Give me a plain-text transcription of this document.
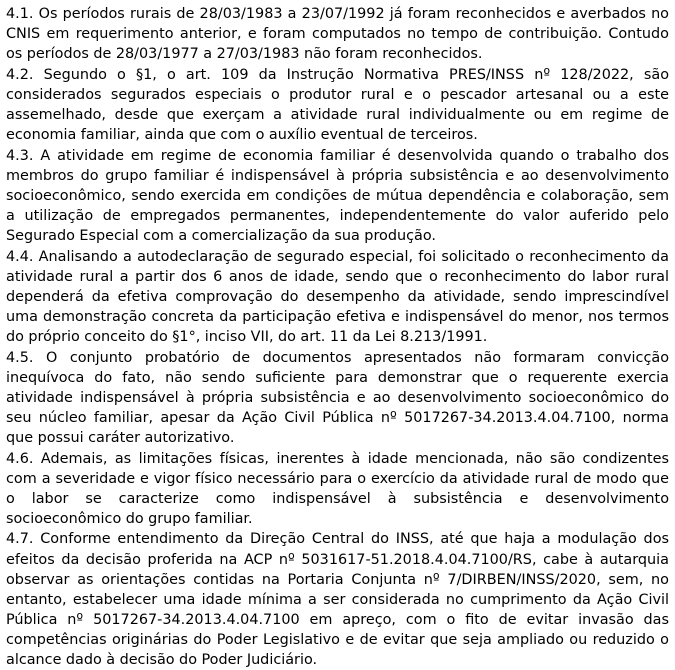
4.1. Os períodos rurais de 28/03/1983 a 23/07/1992 já foram reconhecidos e averbados no CNIS em requerimento anterior, e foram computados no tempo de contribuição. Contudo os períodos de 28/03/1977 a 27/03/1983 não foram reconhecidos.

4.2. Segundo o §1, o art. 109 da Instrução Normativa PRES/INSS nº 128/2022, são considerados segurados especiais o produtor rural e o pescador artesanal ou a este assemelhado, desde que exerçam a atividade rural individualmente ou em regime de economia familiar, ainda que com o auxílio eventual de terceiros.

4.3. A atividade em regime de economia familiar é desenvolvida quando o trabalho dos membros do grupo familiar é indispensável à própria subsistência e ao desenvolvimento socioeconômico, sendo exercida em condições de mútua dependência e colaboração, sem a utilização de empregados permanentes, independentemente do valor auferido pelo Segurado Especial com a comercialização da sua produção.

4.4. Analisando a autodeclaração de segurado especial, foi solicitado o reconhecimento da atividade rural a partir dos 6 anos de idade, sendo que o reconhecimento do labor rural dependerá da efetiva comprovação do desempenho da atividade, sendo imprescindível uma demonstração concreta da participação efetiva e indispensável do menor, nos termos do próprio conceito do §1°, inciso VII, do art. 11 da Lei 8.213/1991.

4.5. O conjunto probatório de documentos apresentados não formaram convicção inequívoca do fato, não sendo suficiente para demonstrar que o requerente exercia atividade indispensável à própria subsistência e ao desenvolvimento socioeconômico do seu núcleo familiar, apesar da Ação Civil Pública nº 5017267-34.2013.4.04.7100, norma que possui caráter autorizativo.

4.6. Ademais, as limitações físicas, inerentes à idade mencionada, não são condizentes com a severidade e vigor físico necessário para o exercício da atividade rural de modo que o labor se caracterize como indispensável à subsistência e desenvolvimento socioeconômico do grupo familiar.

4.7. Conforme entendimento da Direção Central do INSS, até que haja a modulação dos efeitos da decisão proferida na ACP nº 5031617-51.2018.4.04.7100/RS, cabe à autarquia observar as orientações contidas na Portaria Conjunta nº 7/DIRBEN/INSS/2020, sem, no entanto, estabelecer uma idade mínima a ser considerada no cumprimento da Ação Civil Pública nº 5017267-34.2013.4.04.7100 em apreço, com o fito de evitar invasão das competências originárias do Poder Legislativo e de evitar que seja ampliado ou reduzido o alcance dado à decisão do Poder Judiciário.
